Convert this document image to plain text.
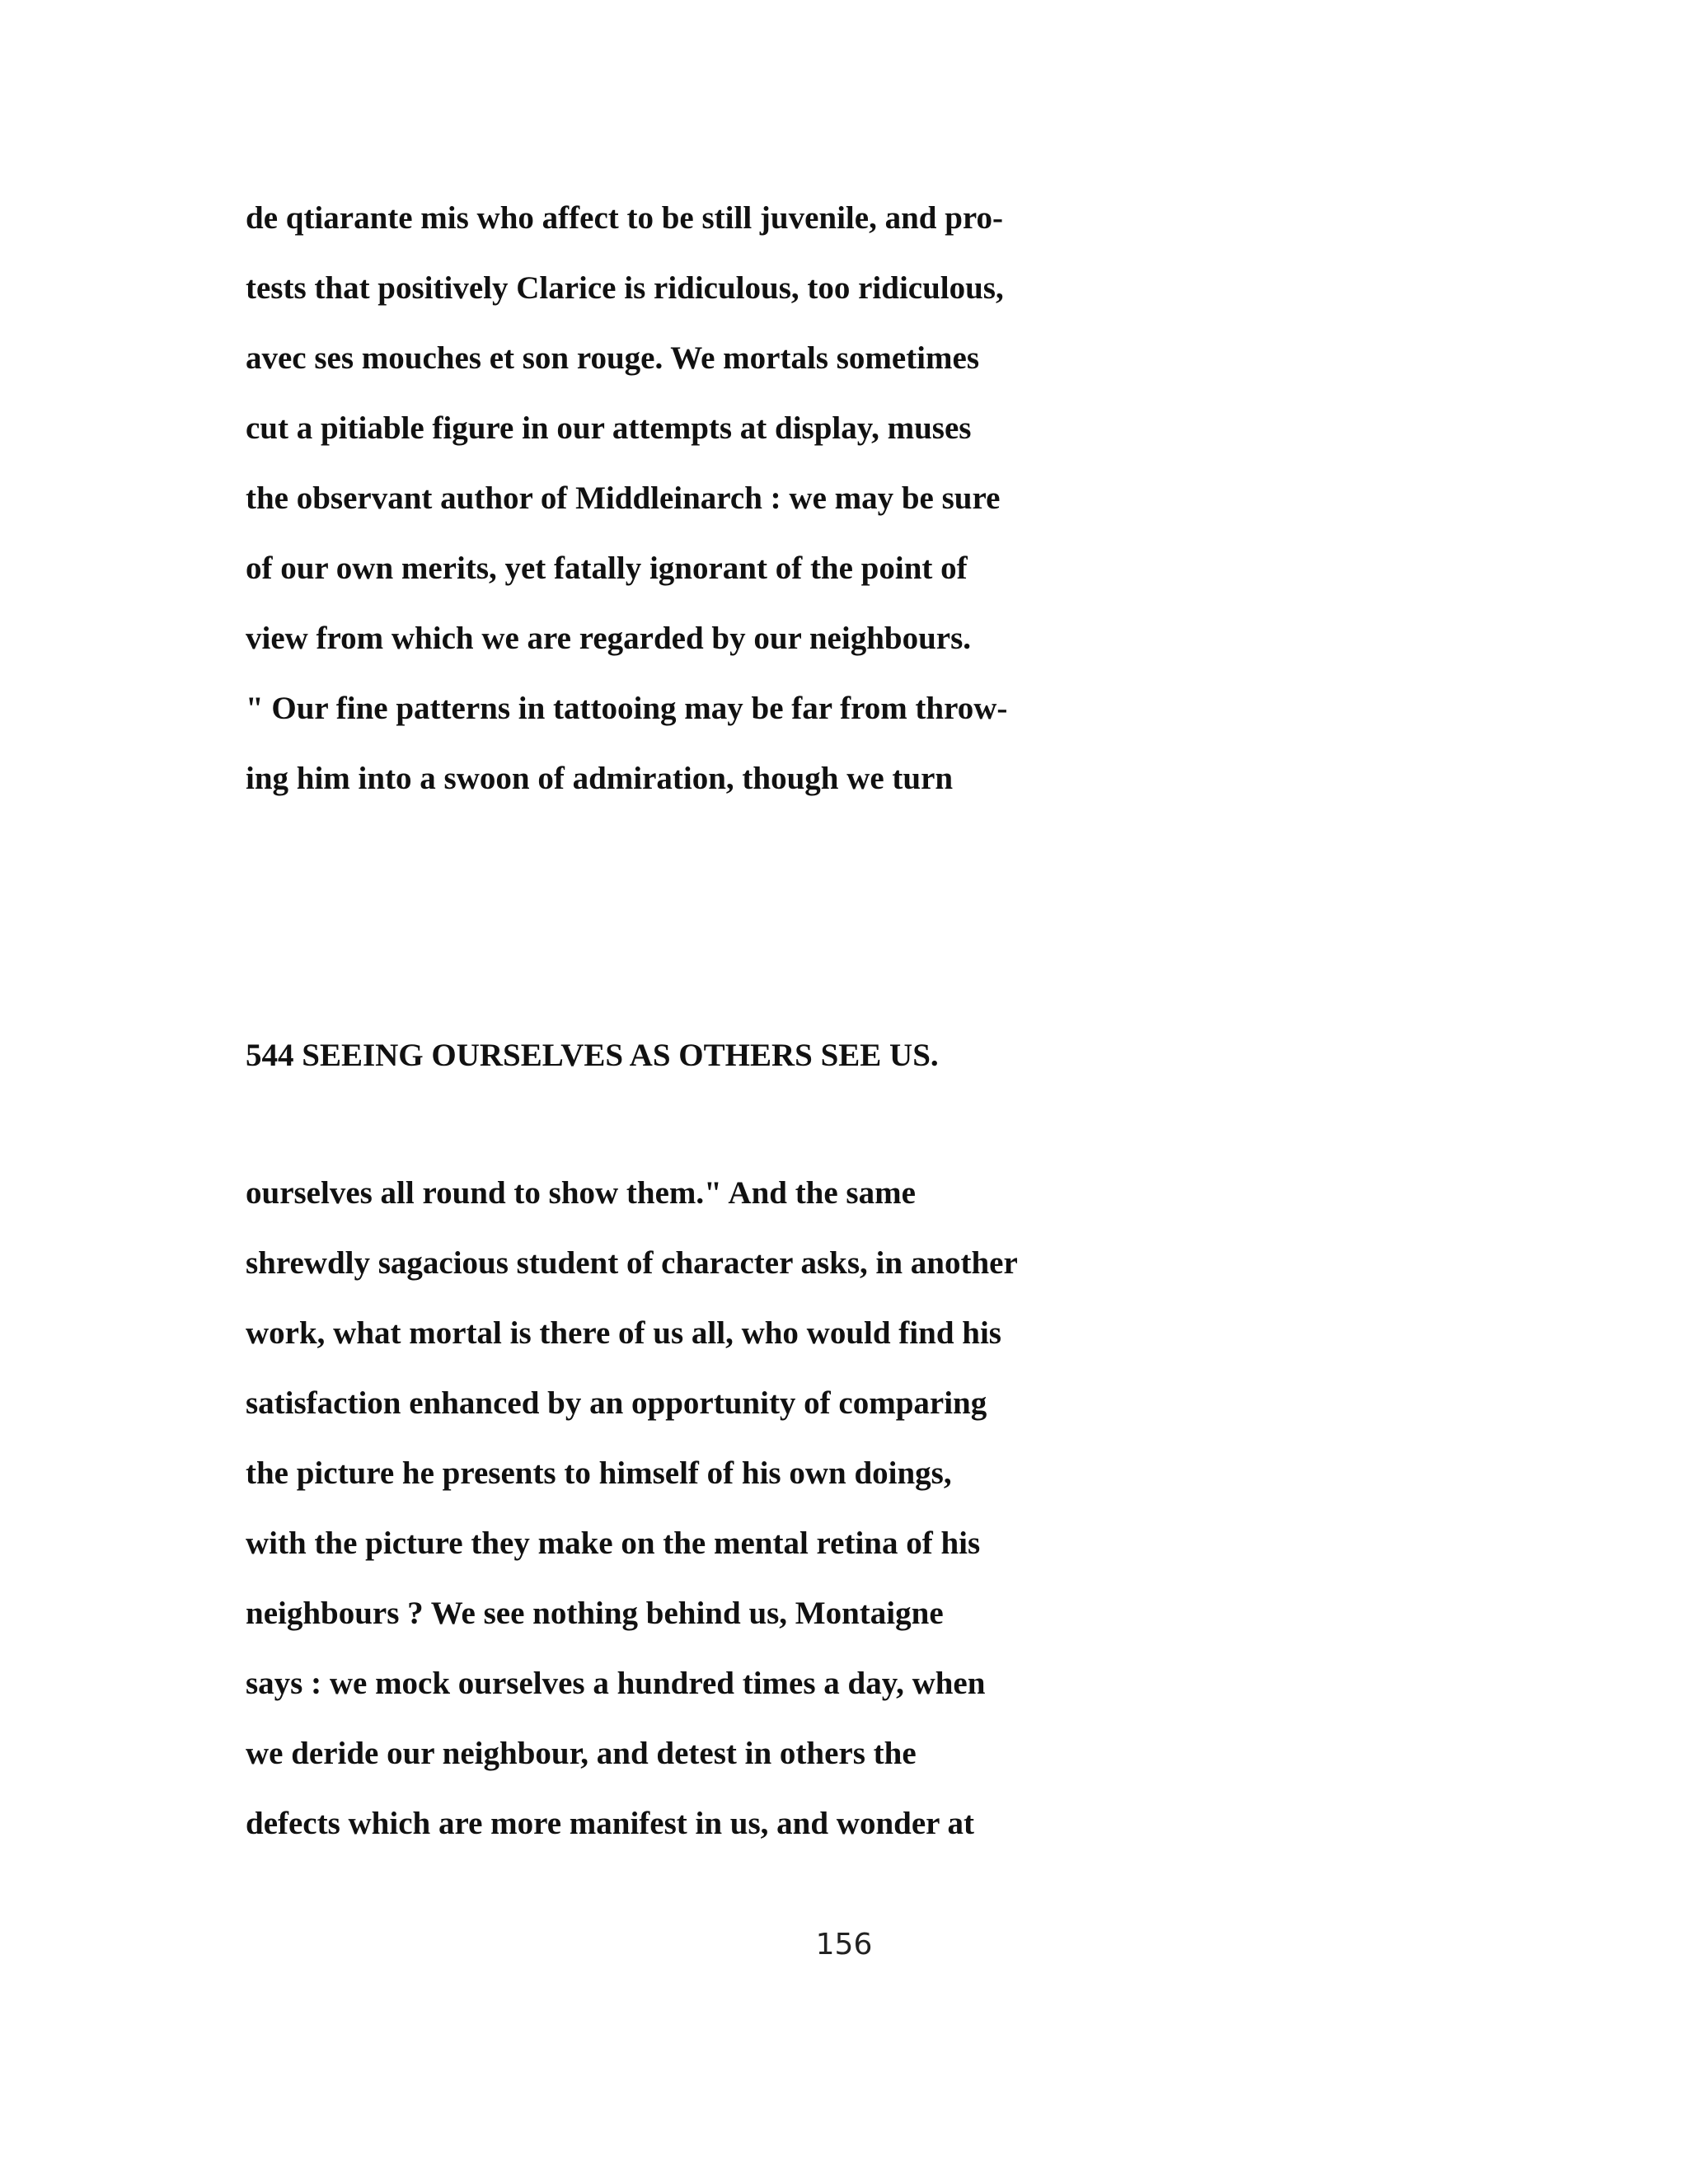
de qtiarante mis who affect to be still juvenile, and pro-
tests that positively Clarice is ridiculous, too ridiculous,
avec ses mouches et son rouge. We mortals sometimes
cut a pitiable figure in our attempts at display, muses
the observant author of Middleinarch : we may be sure
of our own merits, yet fatally ignorant of the point of
view from which we are regarded by our neighbours.
" Our fine patterns in tattooing may be far from throw-
ing him into a swoon of admiration, though we turn
544 SEEING OURSELVES AS OTHERS SEE US.
ourselves all round to show them." And the same
shrewdly sagacious student of character asks, in another
work, what mortal is there of us all, who would find his
satisfaction enhanced by an opportunity of comparing
the picture he presents to himself of his own doings,
with the picture they make on the mental retina of his
neighbours ? We see nothing behind us, Montaigne
says : we mock ourselves a hundred times a day, when
we deride our neighbour, and detest in others the
defects which are more manifest in us, and wonder at
156
